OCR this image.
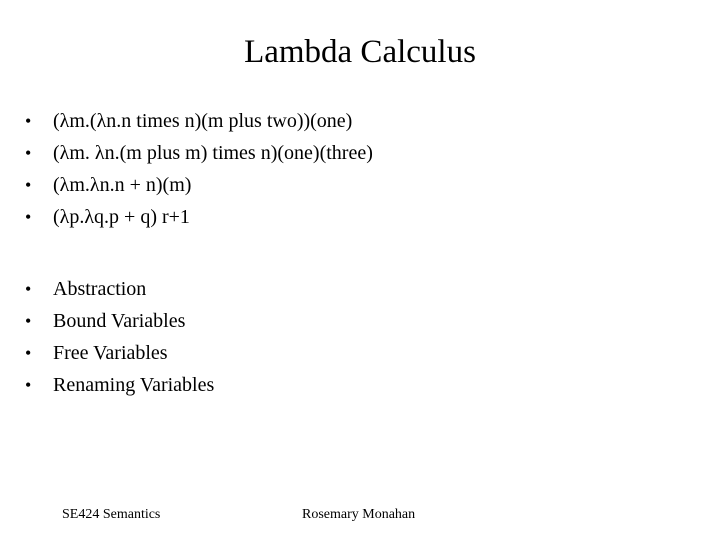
Lambda Calculus
• (λm.(λn.n times n)(m plus two))(one)
• (λm. λn.(m plus m) times n)(one)(three)
• (λm.λn.n + n)(m)
• (λp.λq.p + q) r+1
• Abstraction
• Bound Variables
• Free Variables
• Renaming Variables
SE424 Semantics	Rosemary Monahan
